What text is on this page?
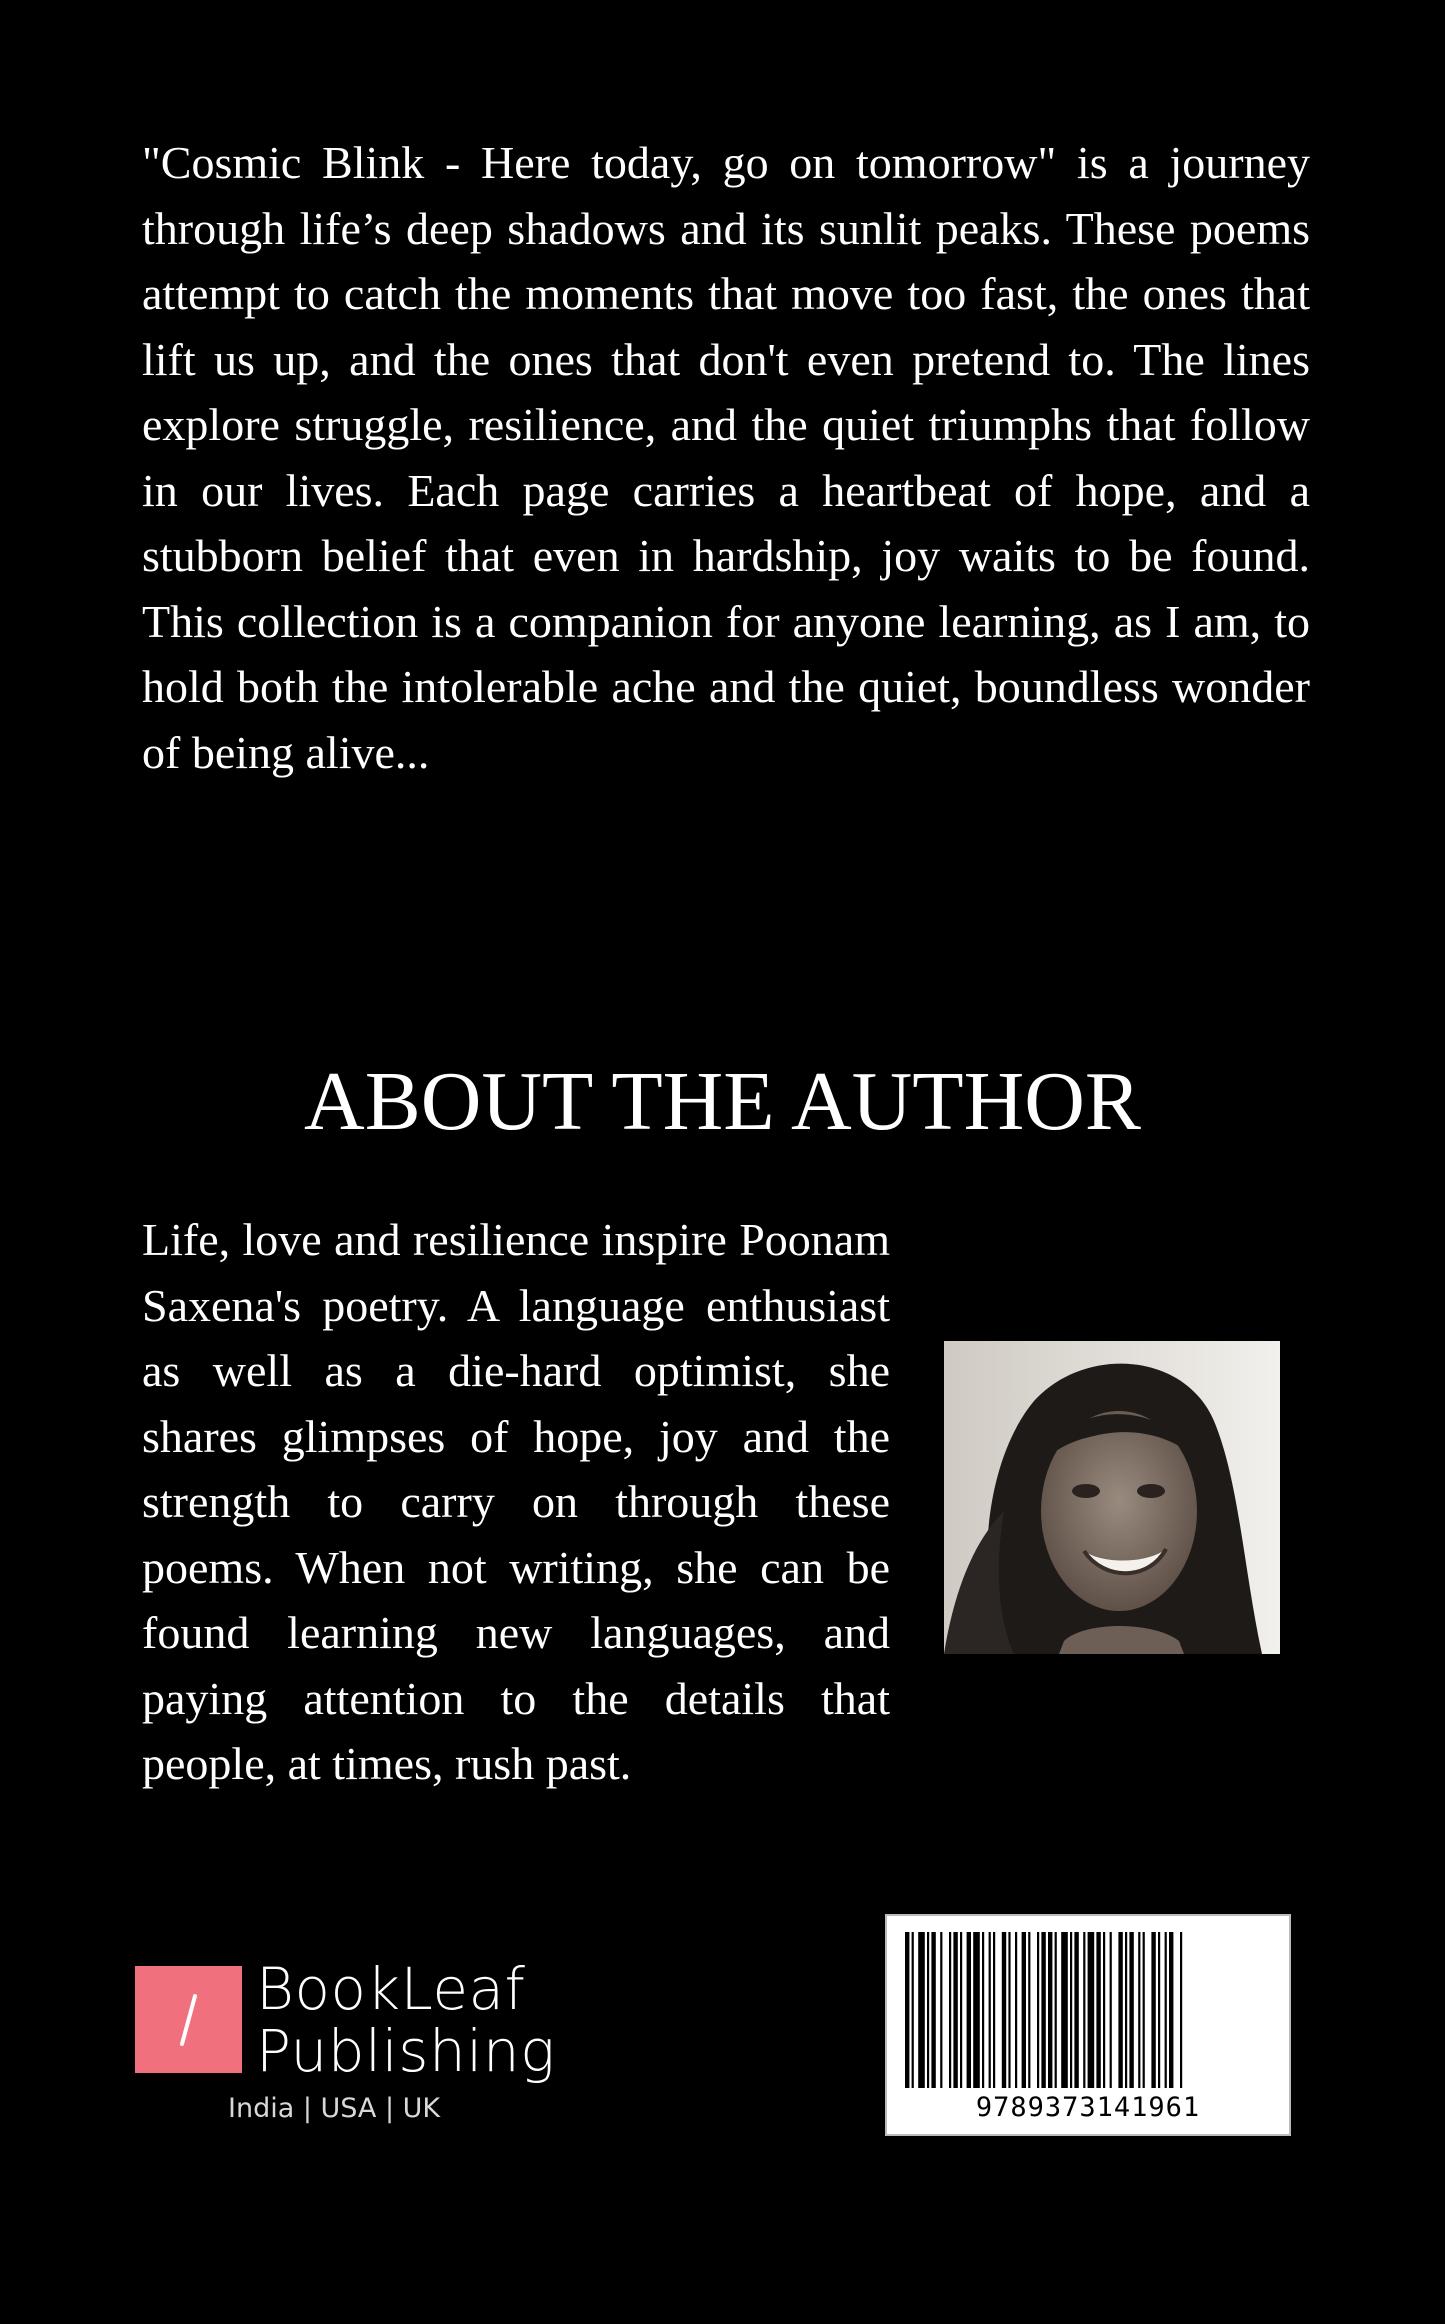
"Cosmic Blink - Here today, go on tomorrow" is a journey through life’s deep shadows and its sunlit peaks. These poems attempt to catch the moments that move too fast, the ones that lift us up, and the ones that don't even pretend to. The lines explore struggle, resilience, and the quiet triumphs that follow in our lives. Each page carries a heartbeat of hope, and a stubborn belief that even in hardship, joy waits to be found. This collection is a companion for anyone learning, as I am, to hold both the intolerable ache and the quiet, boundless wonder of being alive...

ABOUT THE AUTHOR

Life, love and resilience inspire Poonam Saxena's poetry. A language enthusiast as well as a die-hard optimist, she shares glimpses of hope, joy and the strength to carry on through these poems. When not writing, she can be found learning new languages, and paying attention to the details that people, at times, rush past.

BookLeaf
Publishing
India | USA | UK	9789373141961
